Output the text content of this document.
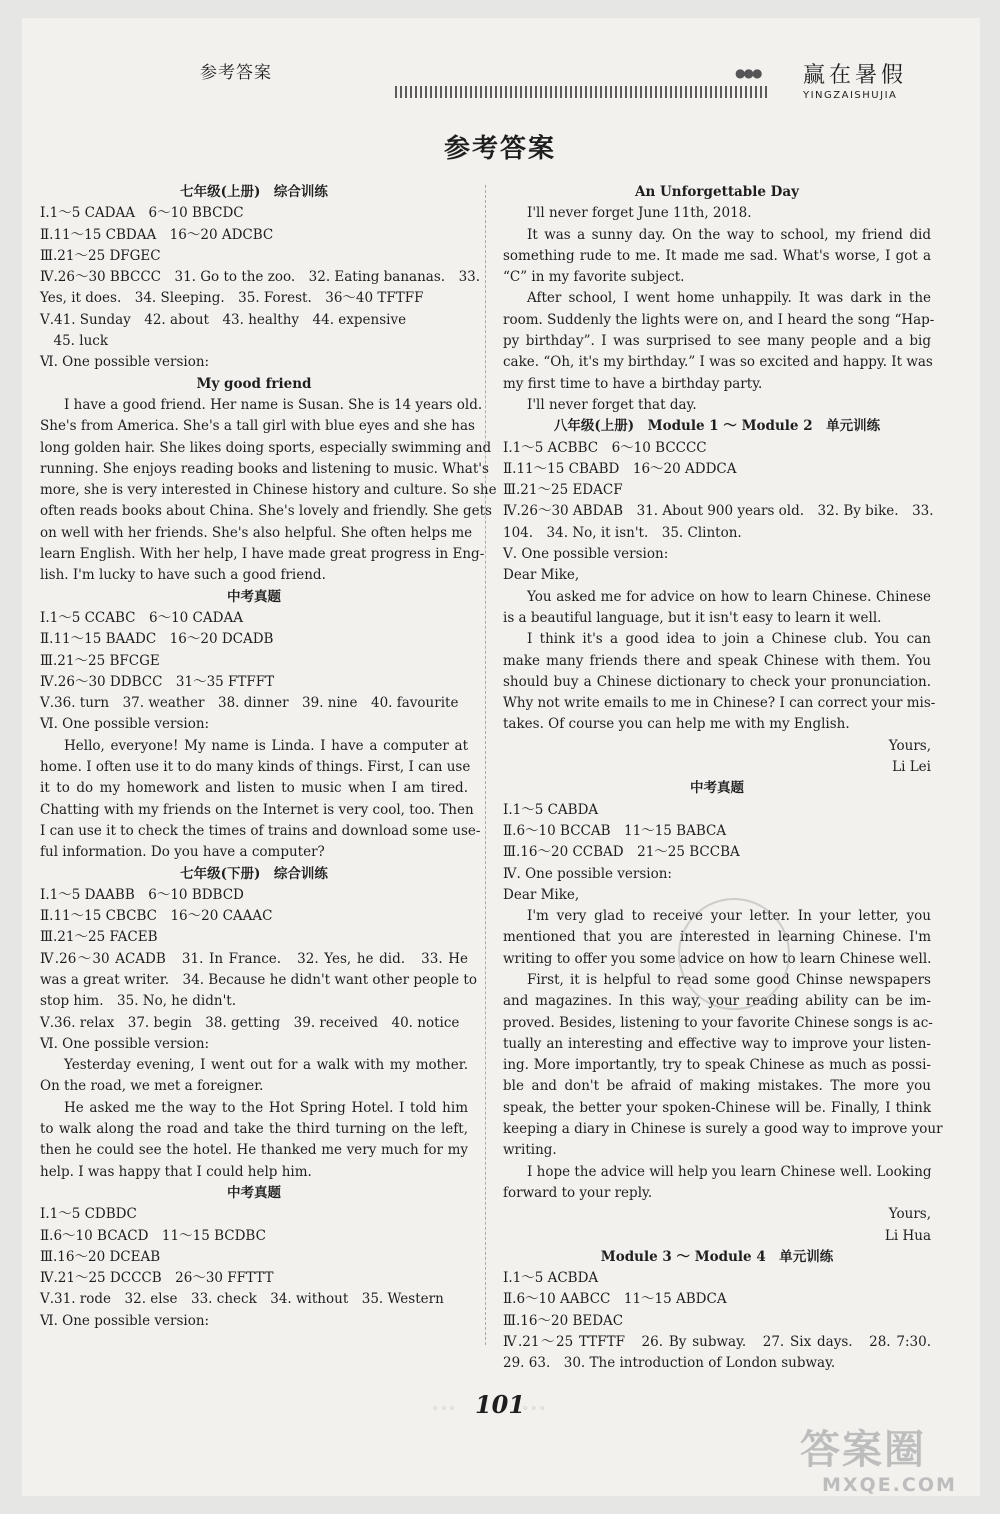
参考答案	●●● 赢在暑假
YINGZAISHUJIA
参考答案
七年级(上册)　综合训练
Ⅰ.1～5 CADAA　6～10 BBCDC
Ⅱ.11～15 CBDAA　16～20 ADCBC
Ⅲ.21～25 DFGEC
Ⅳ.26～30 BBCCC　31. Go to the zoo.　32. Eating bananas.　33.
Yes, it does.　34. Sleeping.　35. Forest.　36～40 TFTFF
Ⅴ.41. Sunday　42. about　43. healthy　44. expensive
　45. luck
Ⅵ. One possible version:
My good friend
I have a good friend. Her name is Susan. She is 14 years old.
She's from America. She's a tall girl with blue eyes and she has
long golden hair. She likes doing sports, especially swimming and
running. She enjoys reading books and listening to music. What's
more, she is very interested in Chinese history and culture. So she
often reads books about China. She's lovely and friendly. She gets
on well with her friends. She's also helpful. She often helps me
learn English. With her help, I have made great progress in Eng-
lish. I'm lucky to have such a good friend.
中考真题
Ⅰ.1～5 CCABC　6～10 CADAA
Ⅱ.11～15 BAADC　16～20 DCADB
Ⅲ.21～25 BFCGE
Ⅳ.26～30 DDBCC　31～35 FTFFT
Ⅴ.36. turn　37. weather　38. dinner　39. nine　40. favourite
Ⅵ. One possible version:
Hello, everyone! My name is Linda. I have a computer at
home. I often use it to do many kinds of things. First, I can use
it to do my homework and listen to music when I am tired.
Chatting with my friends on the Internet is very cool, too. Then
I can use it to check the times of trains and download some use-
ful information. Do you have a computer?
七年级(下册)　综合训练
Ⅰ.1～5 DAABB　6～10 BDBCD
Ⅱ.11～15 CBCBC　16～20 CAAAC
Ⅲ.21～25 FACEB
Ⅳ.26～30 ACADB　31. In France.　32. Yes, he did.　33. He
was a great writer.　34. Because he didn't want other people to
stop him.　35. No, he didn't.
Ⅴ.36. relax　37. begin　38. getting　39. received　40. notice
Ⅵ. One possible version:
Yesterday evening, I went out for a walk with my mother.
On the road, we met a foreigner.
He asked me the way to the Hot Spring Hotel. I told him
to walk along the road and take the third turning on the left,
then he could see the hotel. He thanked me very much for my
help. I was happy that I could help him.
中考真题
Ⅰ.1～5 CDBDC
Ⅱ.6～10 BCACD　11～15 BCDBC
Ⅲ.16～20 DCEAB
Ⅳ.21～25 DCCCB　26～30 FFTTT
Ⅴ.31. rode　32. else　33. check　34. without　35. Western
Ⅵ. One possible version:
An Unforgettable Day
I'll never forget June 11th, 2018.
It was a sunny day. On the way to school, my friend did
something rude to me. It made me sad. What's worse, I got a
“C” in my favorite subject.
After school, I went home unhappily. It was dark in the
room. Suddenly the lights were on, and I heard the song “Hap-
py birthday”. I was surprised to see many people and a big
cake. “Oh, it's my birthday.” I was so excited and happy. It was
my first time to have a birthday party.
I'll never forget that day.
八年级(上册)　Module 1 ～ Module 2　单元训练
Ⅰ.1～5 ACBBC　6～10 BCCCC
Ⅱ.11～15 CBABD　16～20 ADDCA
Ⅲ.21～25 EDACF
Ⅳ.26～30 ABDAB　31. About 900 years old.　32. By bike.　33.
104.　34. No, it isn't.　35. Clinton.
Ⅴ. One possible version:
Dear Mike,
You asked me for advice on how to learn Chinese. Chinese
is a beautiful language, but it isn't easy to learn it well.
I think it's a good idea to join a Chinese club. You can
make many friends there and speak Chinese with them. You
should buy a Chinese dictionary to check your pronunciation.
Why not write emails to me in Chinese? I can correct your mis-
takes. Of course you can help me with my English.
Yours,
Li Lei
中考真题
Ⅰ.1～5 CABDA
Ⅱ.6～10 BCCAB　11～15 BABCA
Ⅲ.16～20 CCBAD　21～25 BCCBA
Ⅳ. One possible version:
Dear Mike,
I'm very glad to receive your letter. In your letter, you
mentioned that you are interested in learning Chinese. I'm
writing to offer you some advice on how to learn Chinese well.
First, it is helpful to read some good Chinse newspapers
and magazines. In this way, your reading ability can be im-
proved. Besides, listening to your favorite Chinese songs is ac-
tually an interesting and effective way to improve your listen-
ing. More importantly, try to speak Chinese as much as possi-
ble and don't be afraid of making mistakes. The more you
speak, the better your spoken-Chinese will be. Finally, I think
keeping a diary in Chinese is surely a good way to improve your
writing.
I hope the advice will help you learn Chinese well. Looking
forward to your reply.
Yours,
Li Hua
Module 3 ～ Module 4　单元训练
Ⅰ.1～5 ACBDA
Ⅱ.6～10 AABCC　11～15 ABDCA
Ⅲ.16～20 BEDAC
Ⅳ.21～25 TTFTF　26. By subway.　27. Six days.　28. 7:30.
29. 63.　30. The introduction of London subway.
◦◦◦ 101
◦◦◦
答案圈
MXQE.COM
